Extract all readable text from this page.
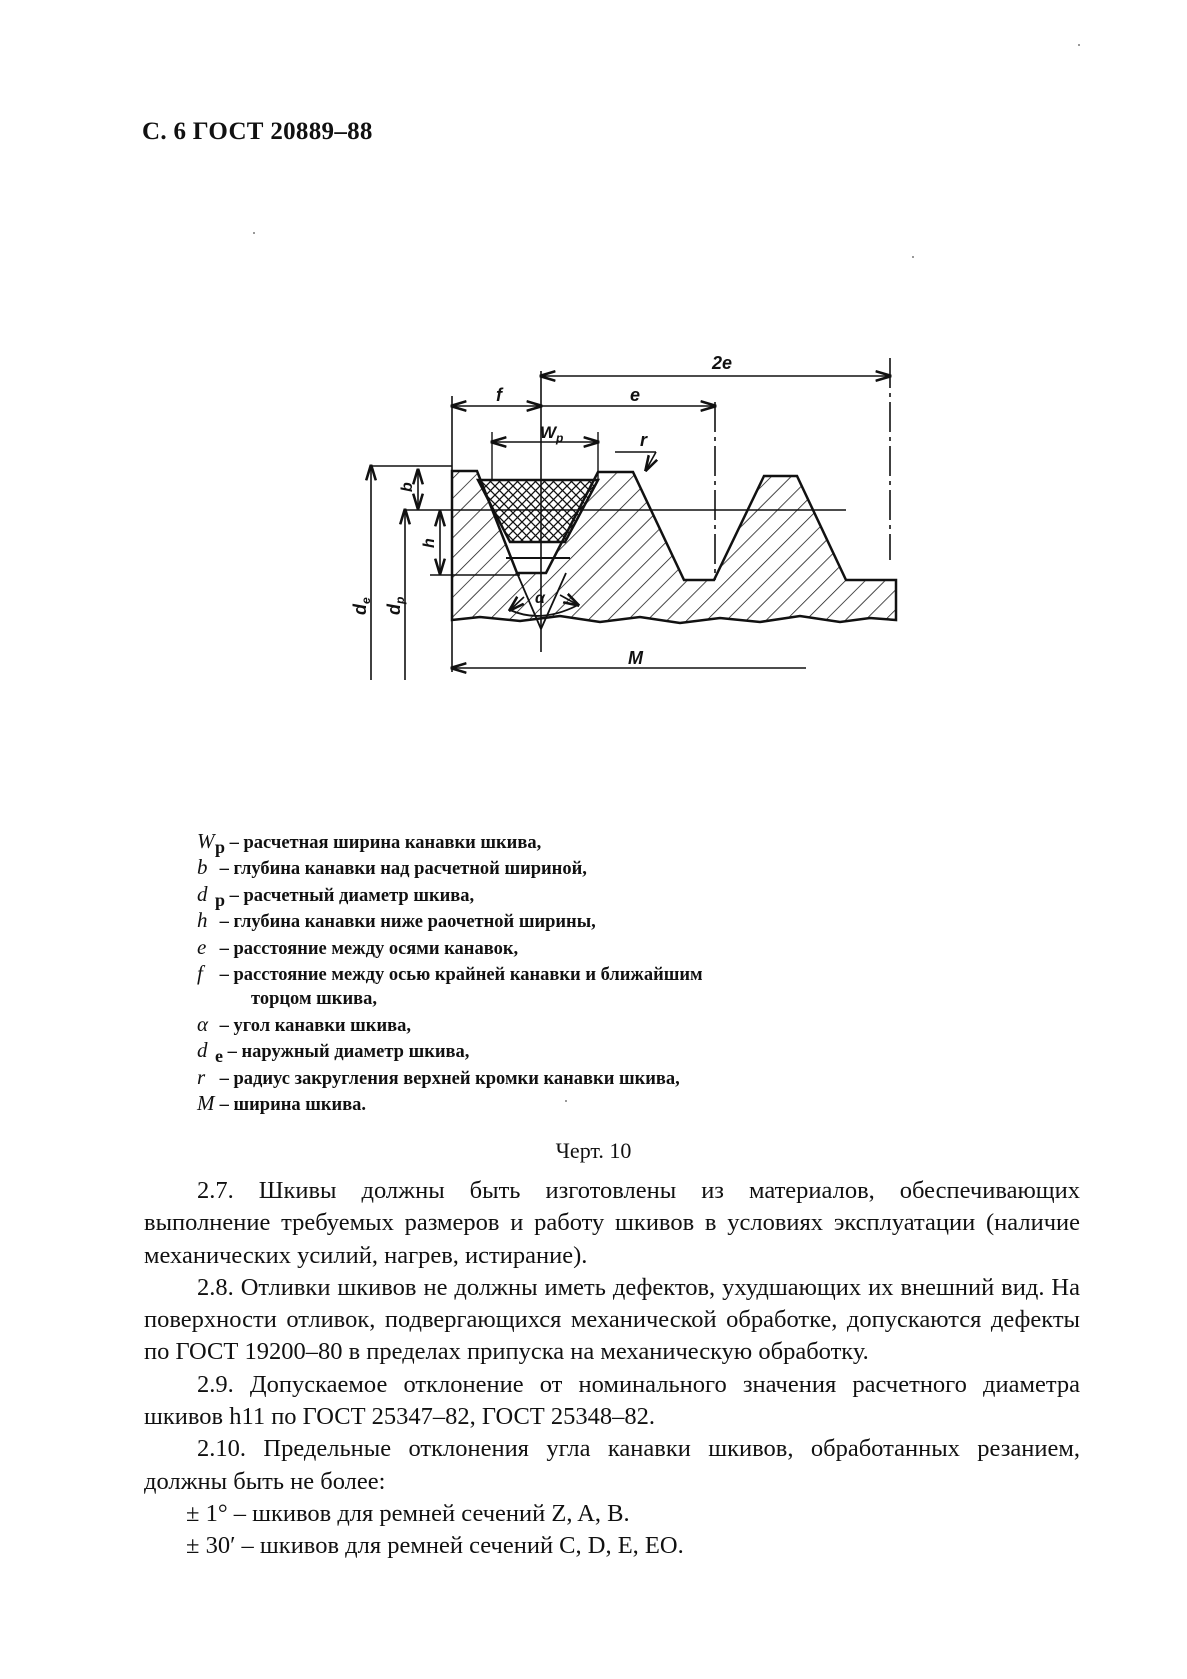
С. 6 ГОСТ 20889–88
2e
f	e
$W_p$	r
α
M
b
h
$d_e$
$d_p$
Wp – расчетная ширина канавки шкива,
b – глубина канавки над расчетной шириной,
d p – расчетный диаметр шкива,
h – глубина канавки ниже раочетной ширины,
e – расстояние между осями канавок,
f – расстояние между осью крайней канавки и ближайшим
торцом шкива,
α – угол канавки шкива,
d e – наружный диаметр шкива,
r – радиус закругления верхней кромки канавки шкива,
M – ширина шкива.
Черт. 10

2.7. Шкивы должны быть изготовлены из материалов, обеспечивающих выполнение требуемых размеров и работу шкивов в условиях эксплуатации (наличие механических усилий, нагрев, истирание).

2.8. Отливки шкивов не должны иметь дефектов, ухудшающих их внешний вид. На поверхности отливок, подвергающихся механической обработке, допускаются дефекты по ГОСТ 19200–80 в пределах припуска на механическую обработку.

2.9. Допускаемое отклонение от номинального значения расчетного диаметра шкивов h11 по ГОСТ 25347–82, ГОСТ 25348–82.

2.10. Предельные отклонения угла канавки шкивов, обработанных резанием, должны быть не более:

± 1° – шкивов для ремней сечений Z, A, B.

± 30′ – шкивов для ремней сечений C, D, E, EO.
